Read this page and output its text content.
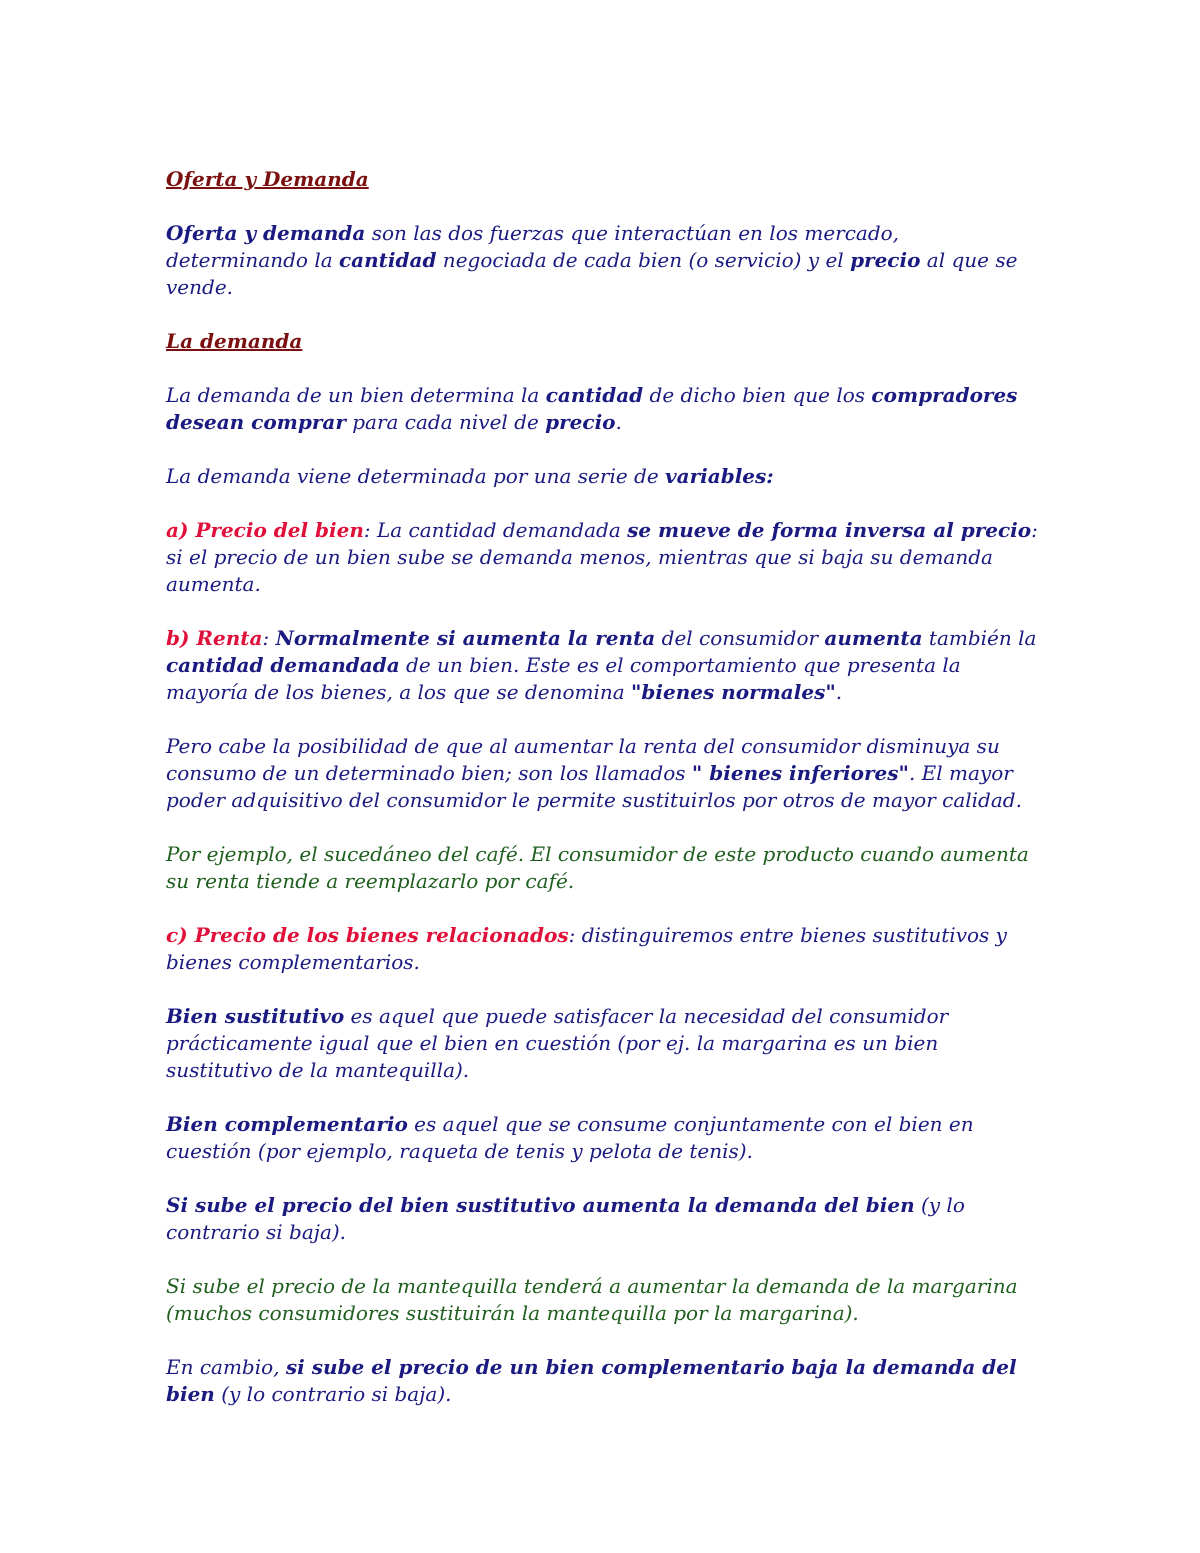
Oferta y Demanda

Oferta y demanda son las dos fuerzas que interactúan en los mercado, determinando la cantidad negociada de cada bien (o servicio) y el precio al que se vende.

La demanda

La demanda de un bien determina la cantidad de dicho bien que los compradores desean comprar para cada nivel de precio.

La demanda viene determinada por una serie de variables:

a) Precio del bien: La cantidad demandada se mueve de forma inversa al precio: si el precio de un bien sube se demanda menos, mientras que si baja su demanda aumenta.

b) Renta: Normalmente si aumenta la renta del consumidor aumenta también la cantidad demandada de un bien. Este es el comportamiento que presenta la mayoría de los bienes, a los que se denomina "bienes normales".

Pero cabe la posibilidad de que al aumentar la renta del consumidor disminuya su consumo de un determinado bien; son los llamados " bienes inferiores". El mayor poder adquisitivo del consumidor le permite sustituirlos por otros de mayor calidad.

Por ejemplo, el sucedáneo del café. El consumidor de este producto cuando aumenta su renta tiende a reemplazarlo por café.

c) Precio de los bienes relacionados: distinguiremos entre bienes sustitutivos y bienes complementarios.

Bien sustitutivo es aquel que puede satisfacer la necesidad del consumidor prácticamente igual que el bien en cuestión (por ej. la margarina es un bien sustitutivo de la mantequilla).

Bien complementario es aquel que se consume conjuntamente con el bien en cuestión (por ejemplo, raqueta de tenis y pelota de tenis).

Si sube el precio del bien sustitutivo aumenta la demanda del bien (y lo contrario si baja).

Si sube el precio de la mantequilla tenderá a aumentar la demanda de la margarina (muchos consumidores sustituirán la mantequilla por la margarina).

En cambio, si sube el precio de un bien complementario baja la demanda del bien (y lo contrario si baja).
